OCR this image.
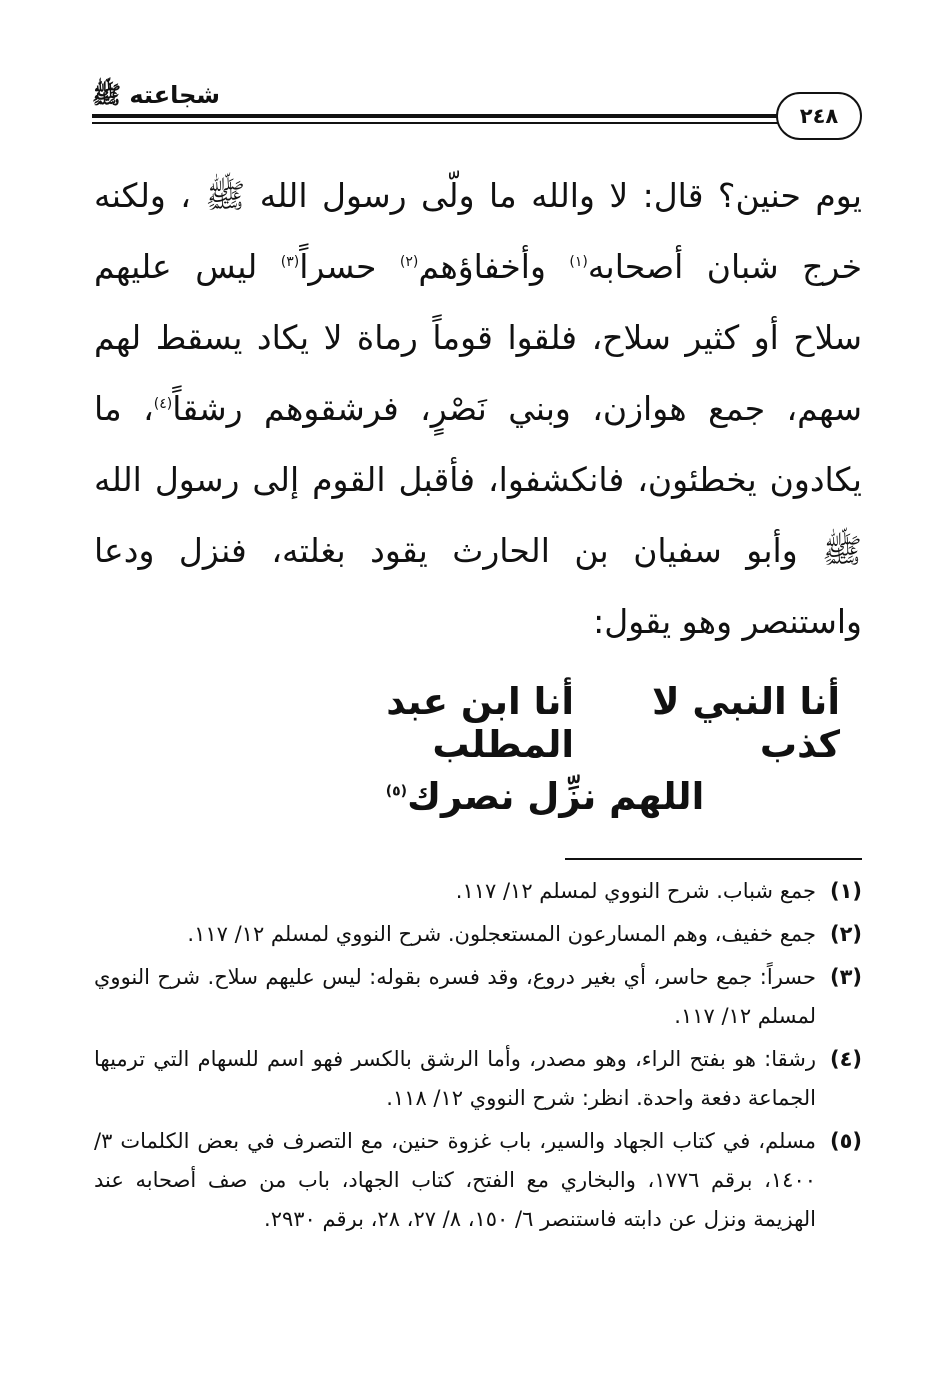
شجاعته ﷺ
٢٤٨
يوم حنين؟ قال: لا والله ما ولّى رسول الله ﷺ ، ولكنه
خرج شبان أصحابه$^{(١)}$ وأخفاؤهم$^{(٢)}$ حسراً$^{(٣)}$ ليس عليهم
سلاح أو كثير سلاح، فلقوا قوماً رماة لا يكاد يسقط لهم
سهم، جمع هوازن، وبني نَصْرٍ، فرشقوهم رشقاً$^{(٤)}$، ما
يكادون يخطئون، فانكشفوا، فأقبل القوم إلى رسول الله
ﷺ وأبو سفيان بن الحارث يقود بغلته، فنزل ودعا
واستنصر وهو يقول:
أنا النبي لا كذب
أنا ابن عبد المطلب
اللهم نزِّل نصرك$^{(٥)}$
(١)
جمع شباب. شرح النووي لمسلم ١٢/ ١١٧.
(٢)
جمع خفيف، وهم المسارعون المستعجلون. شرح النووي لمسلم ١٢/ ١١٧.
(٣)
حسراً: جمع حاسر، أي بغير دروع، وقد فسره بقوله: ليس عليهم سلاح. شرح النووي لمسلم ١٢/ ١١٧.
(٤)
رشقا: هو بفتح الراء، وهو مصدر، وأما الرشق بالكسر فهو اسم للسهام التي ترميها الجماعة دفعة واحدة. انظر: شرح النووي ١٢/ ١١٨.
(٥)
مسلم، في كتاب الجهاد والسير، باب غزوة حنين، مع التصرف في بعض الكلمات ٣/ ١٤٠٠، برقم ١٧٧٦، والبخاري مع الفتح، كتاب الجهاد، باب من صف أصحابه عند الهزيمة ونزل عن دابته فاستنصر ٦/ ١٥٠، ٨/ ٢٧، ٢٨، برقم ٢٩٣٠.
